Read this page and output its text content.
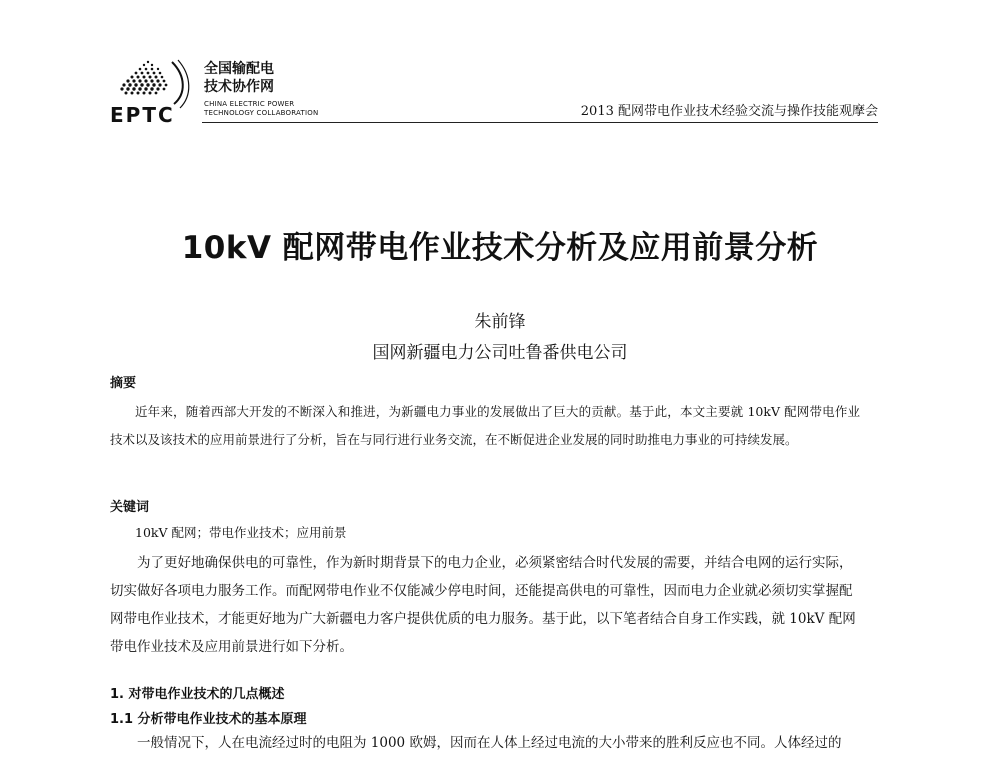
EPTC
全国输配电
技术协作网
CHINA ELECTRIC POWER
TECHNOLOGY COLLABORATION	2013 配网带电作业技术经验交流与操作技能观摩会
10kV 配网带电作业技术分析及应用前景分析
朱前锋
国网新疆电力公司吐鲁番供电公司
摘要

近年来，随着西部大开发的不断深入和推进，为新疆电力事业的发展做出了巨大的贡献。基于此，本文主要就 10kV 配网带电作业技术以及该技术的应用前景进行了分析，旨在与同行进行业务交流，在不断促进企业发展的同时助推电力事业的可持续发展。

关键词

10kV 配网；带电作业技术；应用前景

为了更好地确保供电的可靠性，作为新时期背景下的电力企业，必须紧密结合时代发展的需要，并结合电网的运行实际，切实做好各项电力服务工作。而配网带电作业不仅能减少停电时间，还能提高供电的可靠性，因而电力企业就必须切实掌握配网带电作业技术，才能更好地为广大新疆电力客户提供优质的电力服务。基于此，以下笔者结合自身工作实践，就 10kV 配网带电作业技术及应用前景进行如下分析。

1. 对带电作业技术的几点概述
1.1 分析带电作业技术的基本原理

一般情况下，人在电流经过时的电阻为 1000 欧姆，因而在人体上经过电流的大小带来的胜利反应也不同。人体经过的
